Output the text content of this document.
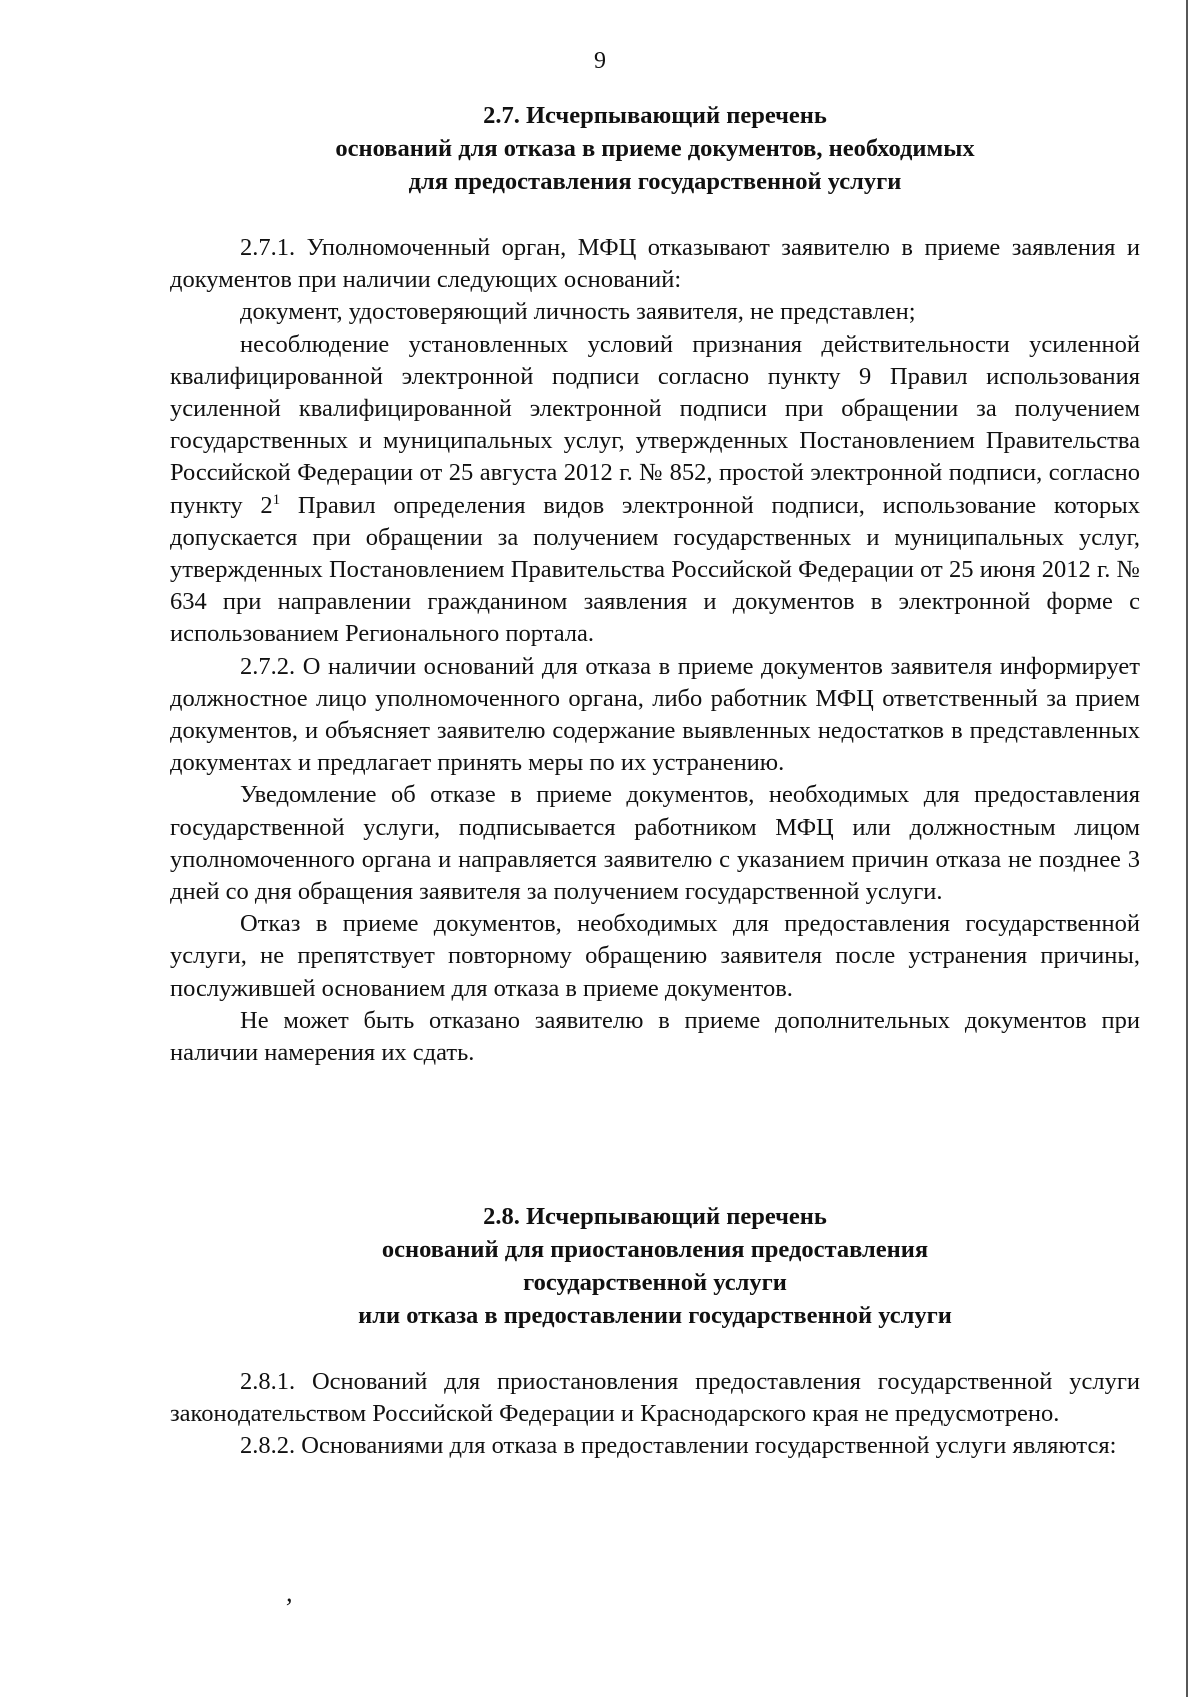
9
2.7. Исчерпывающий перечень
оснований для отказа в приеме документов, необходимых
для предоставления государственной услуги

2.7.1. Уполномоченный орган, МФЦ отказывают заявителю в приеме заявления и документов при наличии следующих оснований:

документ, удостоверяющий личность заявителя, не представлен;

несоблюдение установленных условий признания действительности усиленной квалифицированной электронной подписи согласно пункту 9 Правил использования усиленной квалифицированной электронной подписи при обращении за получением государственных и муниципальных услуг, утвержденных Постановлением Правительства Российской Федерации от 25 августа 2012 г. № 852, простой электронной подписи, согласно пункту $2^1$ Правил определения видов электронной подписи, использование которых допускается при обращении за получением государственных и муниципальных услуг, утвержденных Постановлением Правительства Российской Федерации от 25 июня 2012 г. № 634 при направлении гражданином заявления и документов в электронной форме с использованием Регионального портала.

2.7.2. О наличии оснований для отказа в приеме документов заявителя информирует должностное лицо уполномоченного органа, либо работник МФЦ ответственный за прием документов, и объясняет заявителю содержание выявленных недостатков в представленных документах и предлагает принять меры по их устранению.

Уведомление об отказе в приеме документов, необходимых для предоставления государственной услуги, подписывается работником МФЦ или должностным лицом уполномоченного органа и направляется заявителю с указанием причин отказа не позднее 3 дней со дня обращения заявителя за получением государственной услуги.

Отказ в приеме документов, необходимых для предоставления государственной услуги, не препятствует повторному обращению заявителя после устранения причины, послужившей основанием для отказа в приеме документов.

Не может быть отказано заявителю в приеме дополнительных документов при наличии намерения их сдать.

2.8. Исчерпывающий перечень
оснований для приостановления предоставления
государственной услуги
или отказа в предоставлении государственной услуги

2.8.1. Оснований для приостановления предоставления государственной услуги законодательством Российской Федерации и Краснодарского края не предусмотрено.

2.8.2. Основаниями для отказа в предоставлении государственной услуги являются:

’
